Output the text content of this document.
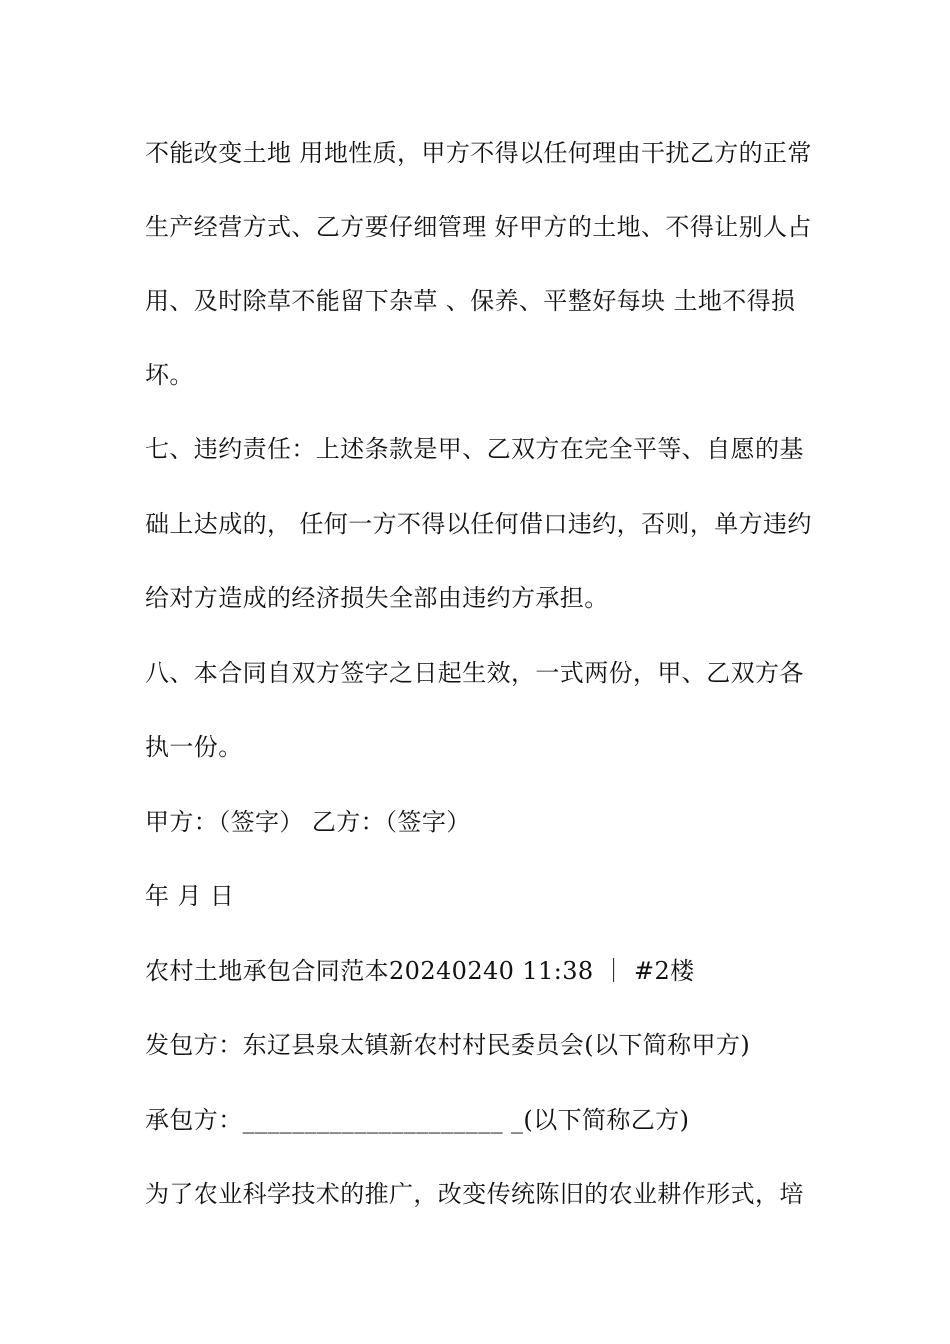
不能改变土地 用地性质，甲方不得以任何理由干扰乙方的正常
生产经营方式、乙方要仔细管理 好甲方的土地、不得让别人占
用、及时除草不能留下杂草 、保养、平整好每块 土地不得损
坏。
七、违约责任：上述条款是甲、乙双方在完全平等、自愿的基
础上达成的， 任何一方不得以任何借口违约，否则，单方违约
给对方造成的经济损失全部由违约方承担。
八、本合同自双方签字之日起生效，一式两份，甲、乙双方各
执一份。
甲方：（签字） 乙方：（签字）
年 月 日
农村土地承包合同范本20240240 11:38 ｜ #2楼
发包方：东辽县泉太镇新农村村民委员会(以下简称甲方)
承包方：_____________________ _(以下简称乙方)
为了农业科学技术的推广，改变传统陈旧的农业耕作形式，培
